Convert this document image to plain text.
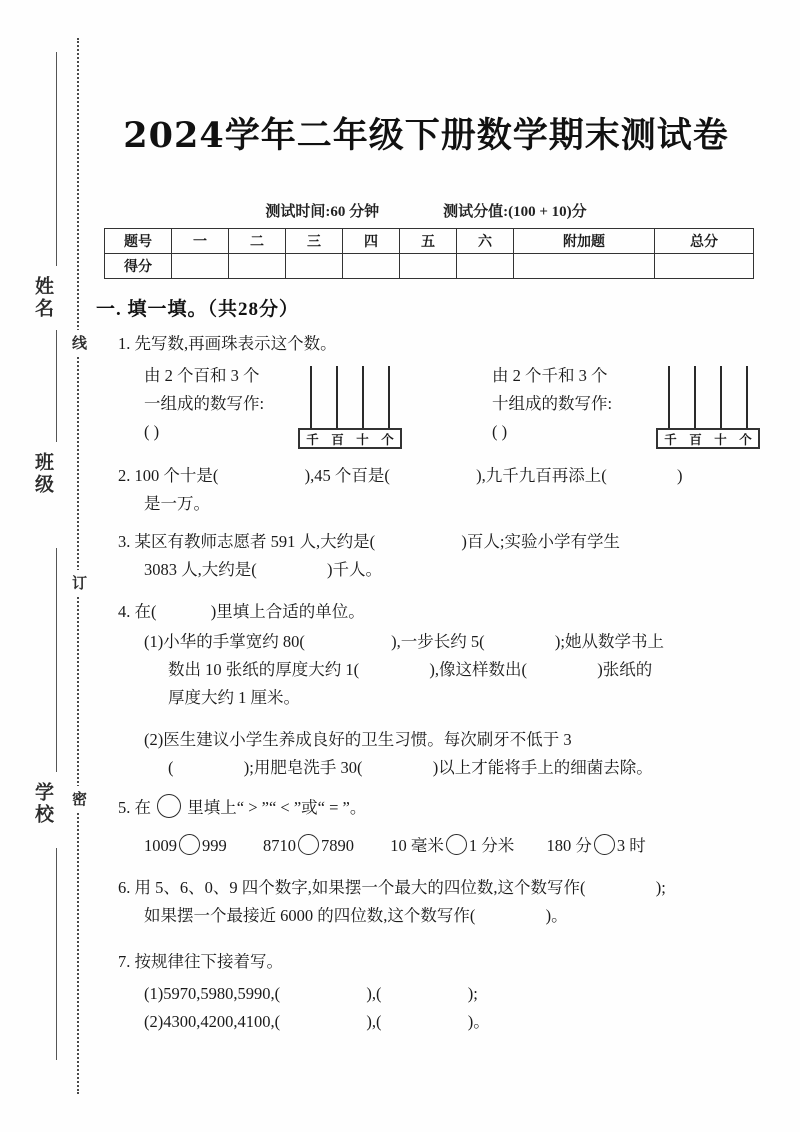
姓名
班级
学校
线
订
密
2024学年二年级下册数学期末测试卷
测试时间:60 分钟	测试分值:(100 + 10)分
题号	一	二	三	四	五	六	附加题	总分
得分								
一. 填一填。（共28分）
1. 先写数,再画珠表示这个数。
由 2 个百和 3 个
一组成的数写作:
( )	千 百 十 个
由 2 个千和 3 个
十组成的数写作:
( )	千 百 十 个
2. 100 个十是(	),45 个百是(	),九千九百再添上(	)
是一万。
3. 某区有教师志愿者 591 人,大约是(	)百人;实验小学有学生
3083 人,大约是(	)千人。
4. 在(	)里填上合适的单位。
(1)小华的手掌宽约 80(	),一步长约 5(	);她从数学书上
数出 10 张纸的厚度大约 1(	),像这样数出(	)张纸的
厚度大约 1 厘米。
(2)医生建议小学生养成良好的卫生习惯。每次刷牙不低于 3
(	);用肥皂洗手 30(	)以上才能将手上的细菌去除。
5. 在 里填上“ > ”“ < ”或“ = ”。
1009 999 8710 7890 10 毫米 1 分米 180 分 3 时
6. 用 5、6、0、9 四个数字,如果摆一个最大的四位数,这个数写作(	);
如果摆一个最接近 6000 的四位数,这个数写作(	)。
7. 按规律往下接着写。
(1)5970,5980,5990,(	),(	);
(2)4300,4200,4100,(	),(	)。
